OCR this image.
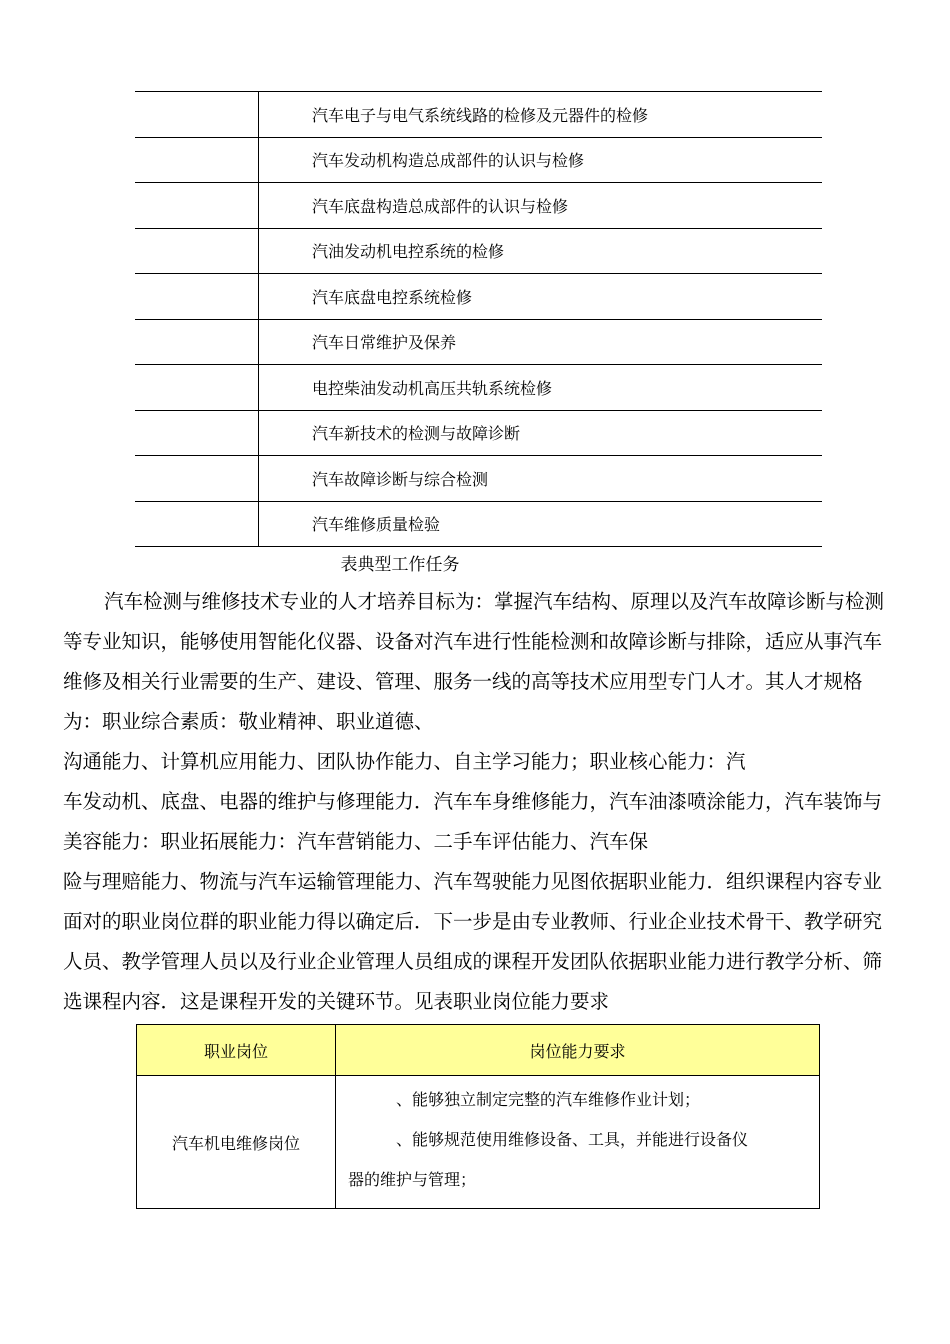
	汽车电子与电气系统线路的检修及元器件的检修
	汽车发动机构造总成部件的认识与检修
	汽车底盘构造总成部件的认识与检修
	汽油发动机电控系统的检修
	汽车底盘电控系统检修
	汽车日常维护及保养
	电控柴油发动机高压共轨系统检修
	汽车新技术的检测与故障诊断
	汽车故障诊断与综合检测
	汽车维修质量检验
表典型工作任务

汽车检测与维修技术专业的人才培养目标为：掌握汽车结构、原理以及汽车故障诊断与检测等专业知识，能够使用智能化仪器、设备对汽车进行性能检测和故障诊断与排除，适应从事汽车维修及相关行业需要的生产、建设、管理、服务一线的高等技术应用型专门人才。其人才规格为：职业综合素质：敬业精神、职业道德、

沟通能力、计算机应用能力、团队协作能力、自主学习能力；职业核心能力：汽

车发动机、底盘、电器的维护与修理能力．汽车车身维修能力，汽车油漆喷涂能力，汽车装饰与美容能力：职业拓展能力：汽车营销能力、二手车评估能力、汽车保

险与理赔能力、物流与汽车运输管理能力、汽车驾驶能力见图依据职业能力．组织课程内容专业面对的职业岗位群的职业能力得以确定后．下一步是由专业教师、行业企业技术骨干、教学研究人员、教学管理人员以及行业企业管理人员组成的课程开发团队依据职业能力进行教学分析、筛选课程内容．这是课程开发的关键环节。见表职业岗位能力要求

职业岗位	岗位能力要求
汽车机电维修岗位	、能够独立制定完整的汽车维修作业计划；

、能够规范使用维修设备、工具，并能进行设备仪

器的维护与管理；
